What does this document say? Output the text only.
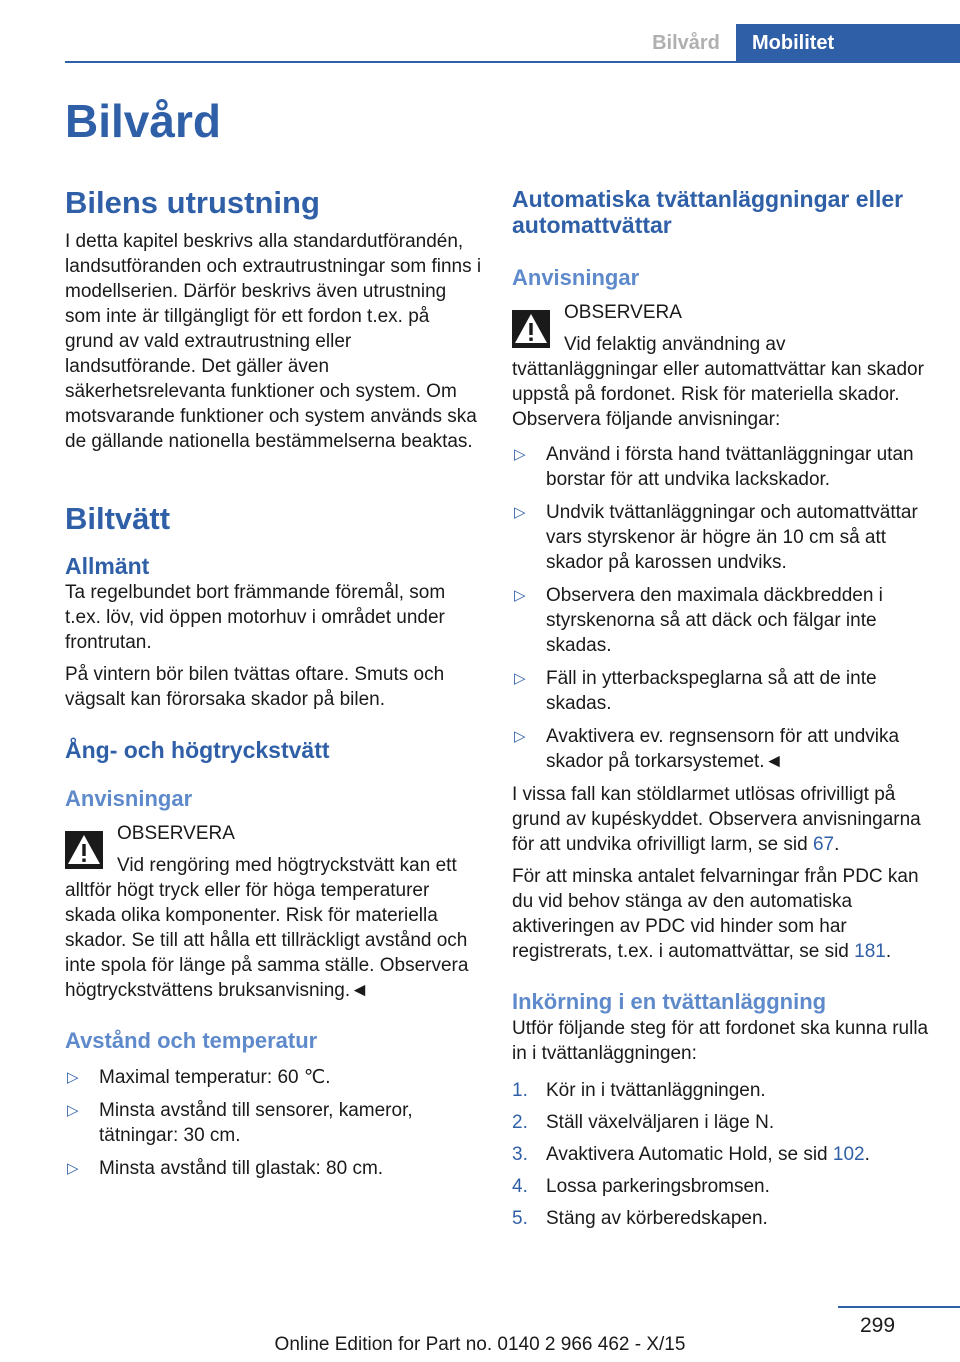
Bilvård	Mobilitet
Bilvård
Bilens utrustning

I detta kapitel beskrivs alla standardutförandén, landsutföranden och extrautrustningar som finns i modellserien. Därför beskrivs även utrustning som inte är tillgängligt för ett fordon t.ex. på grund av vald extrautrustning eller landsutförande. Det gäller även säkerhetsrelevanta funktioner och system. Om motsvarande funktioner och system används ska de gällande nationella bestämmelserna beaktas.

Biltvätt
Allmänt

Ta regelbundet bort främmande föremål, som t.ex. löv, vid öppen motorhuv i området under frontrutan.

På vintern bör bilen tvättas oftare. Smuts och vägsalt kan förorsaka skador på bilen.

Ång- och högtryckstvätt
Anvisningar
OBSERVERA

Vid rengöring med högtryckstvätt kan ett alltför högt tryck eller för höga temperaturer skada olika komponenter. Risk för materiella skador. Se till att hålla ett tillräckligt avstånd och inte spola för länge på samma ställe. Observera högtryckstvättens bruksanvisning.◄

Avstånd och temperatur
▷ Maximal temperatur: 60 ℃.
▷ Minsta avstånd till sensorer, kameror, tätningar: 30 cm.
▷ Minsta avstånd till glastak: 80 cm.
Automatiska tvättanläggningar eller automattvättar
Anvisningar
OBSERVERA

Vid felaktig användning av tvättanläggningar eller automattvättar kan skador uppstå på fordonet. Risk för materiella skador. Observera följande anvisningar:

▷ Använd i första hand tvättanläggningar utan borstar för att undvika lackskador.
▷ Undvik tvättanläggningar och automattvättar vars styrskenor är högre än 10 cm så att skador på karossen undviks.
▷ Observera den maximala däckbredden i styrskenorna så att däck och fälgar inte skadas.
▷ Fäll in ytterbackspeglarna så att de inte skadas.
▷ Avaktivera ev. regnsensorn för att undvika skador på torkarsystemet.◄

I vissa fall kan stöldlarmet utlösas ofrivilligt på grund av kupéskyddet. Observera anvisningarna för att undvika ofrivilligt larm, se sid 67.

För att minska antalet felvarningar från PDC kan du vid behov stänga av den automatiska aktiveringen av PDC vid hinder som har registrerats, t.ex. i automattvättar, se sid 181.

Inkörning i en tvättanläggning

Utför följande steg för att fordonet ska kunna rulla in i tvättanläggningen:

1. Kör in i tvättanläggningen.
2. Ställ växelväljaren i läge N.
3. Avaktivera Automatic Hold, se sid 102.
4. Lossa parkeringsbromsen.
5. Stäng av körberedskapen.
299
Online Edition for Part no. 0140 2 966 462 - X/15
